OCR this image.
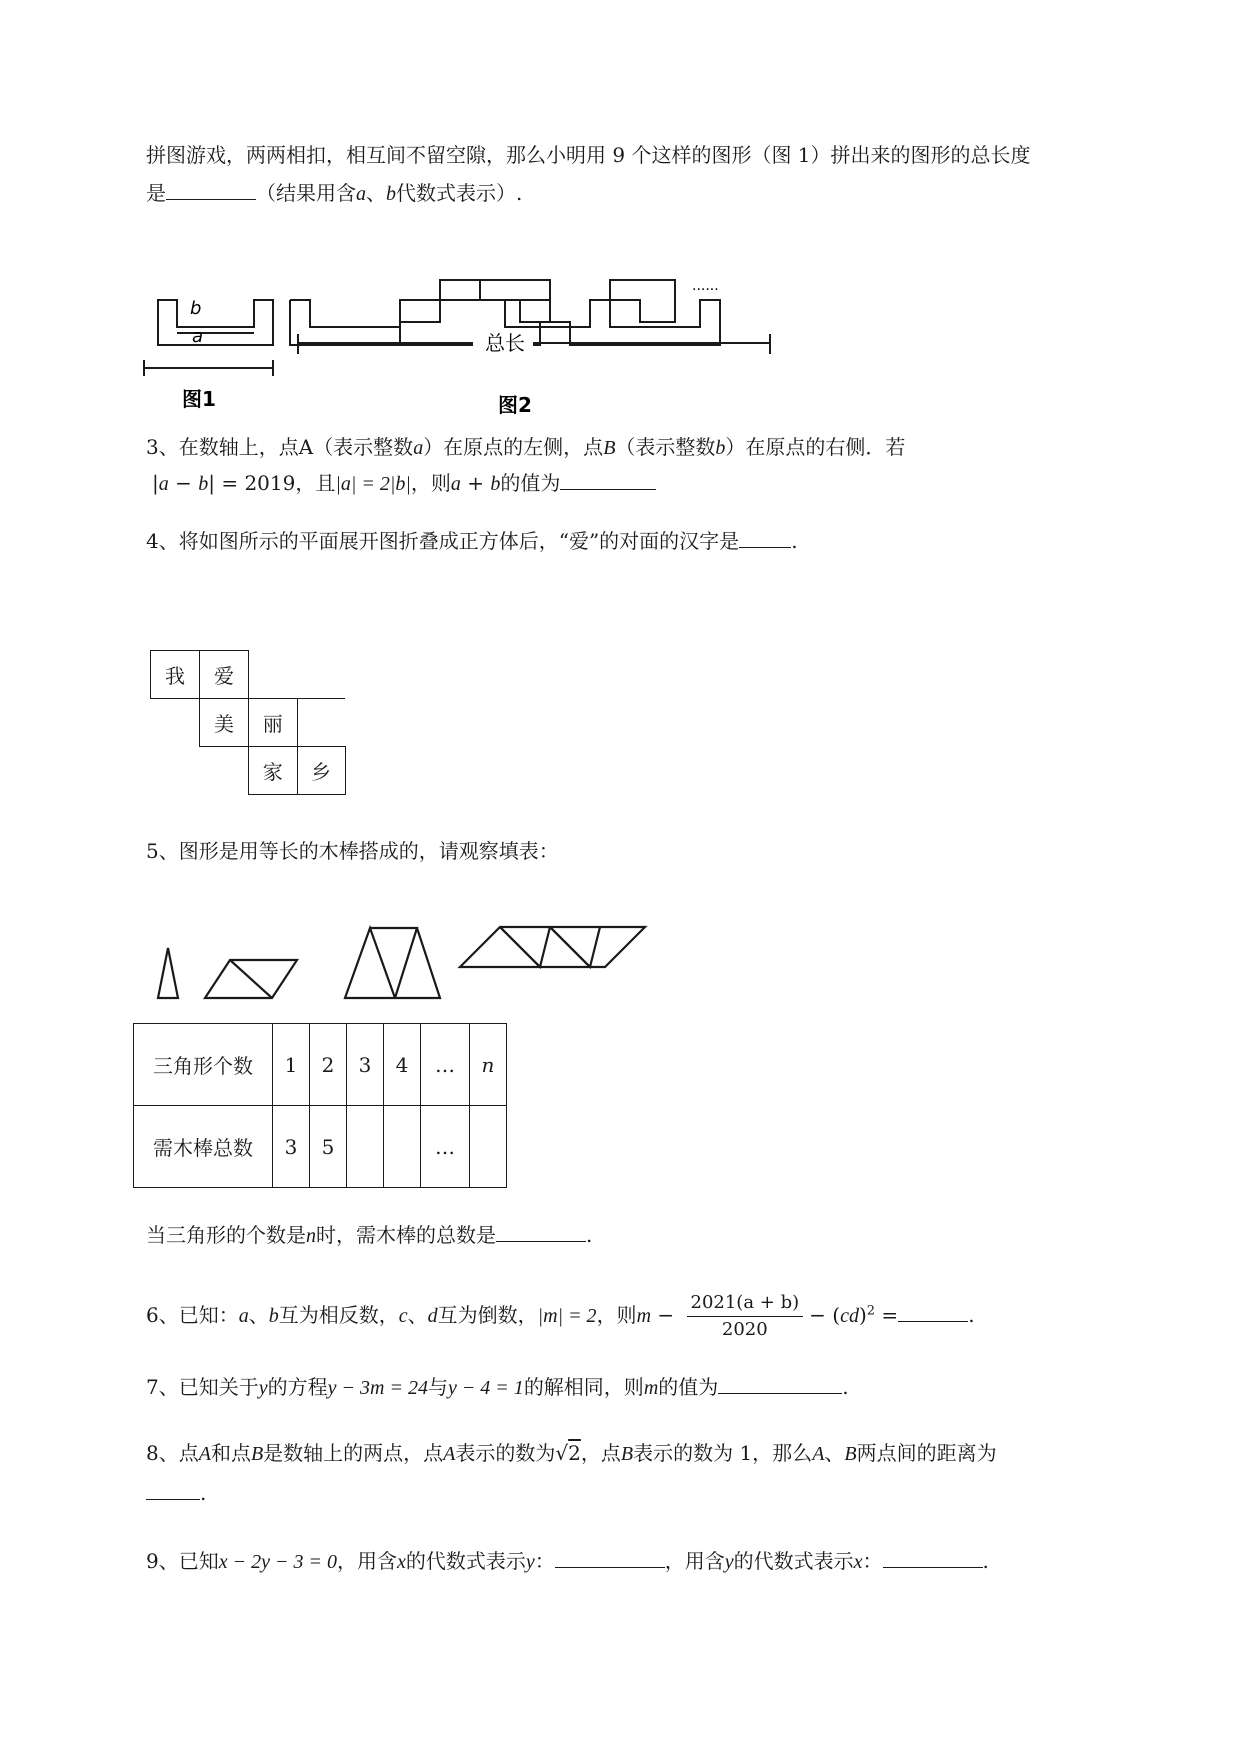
拼图游戏，两两相扣，相互间不留空隙，那么小明用 9 个这样的图形（图 1）拼出来的图形的总长度
是	（结果用含a、b代数式表示）.
b
a
图1
总长
图2
......
3、在数轴上，点A（表示整数a）在原点的左侧，点B（表示整数b）在原点的右侧．若
|a − b| = 2019，且|a| = 2|b|，则a + b的值为
4、将如图所示的平面展开图折叠成正方体后，“爱”的对面的汉字是	.
我	爱		
	美	丽	
		家	乡
5、图形是用等长的木棒搭成的，请观察填表：
三角形个数	1	2	3	4	…	n
需木棒总数	3	5			…	
当三角形的个数是n时，需木棒的总数是	.
6、已知：a、b互为相反数，c、d互为倒数，|m| = 2，则$m - \frac{2021(a + b)}{2020} - (cd)^2$ =	.
7、已知关于y的方程y − 3m = 24与y − 4 = 1的解相同，则m的值为	.
8、点A和点B是数轴上的两点，点A表示的数为√2，点B表示的数为 1，那么A、B两点间的距离为
.
9、已知x − 2y − 3 = 0，用含x的代数式表示y：	，用含y的代数式表示x：	.
